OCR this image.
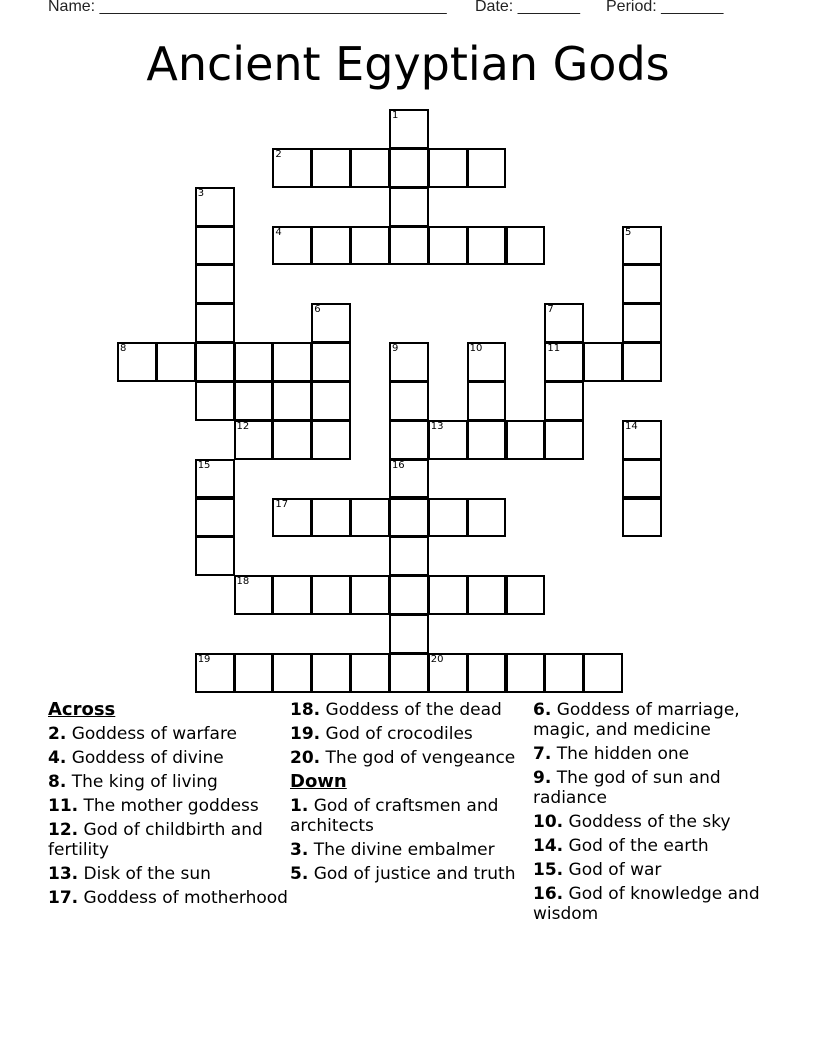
Name: _______________________________________ Date: _______ Period: _______
Ancient Egyptian Gods
1
2
3
4	5
6	7
11
8	9	10
12	13	14
15	16
17
18
19	20
Across
2. Goddess of warfare
4. Goddess of divine
8. The king of living
11. The mother goddess
12. God of childbirth and fertility
13. Disk of the sun
17. Goddess of motherhood
18. Goddess of the dead
19. God of crocodiles
20. The god of vengeance
Down
1. God of craftsmen and architects
3. The divine embalmer
5. God of justice and truth
6. Goddess of marriage, magic, and medicine
7. The hidden one
9. The god of sun and radiance
10. Goddess of the sky
14. God of the earth
15. God of war
16. God of knowledge and wisdom
